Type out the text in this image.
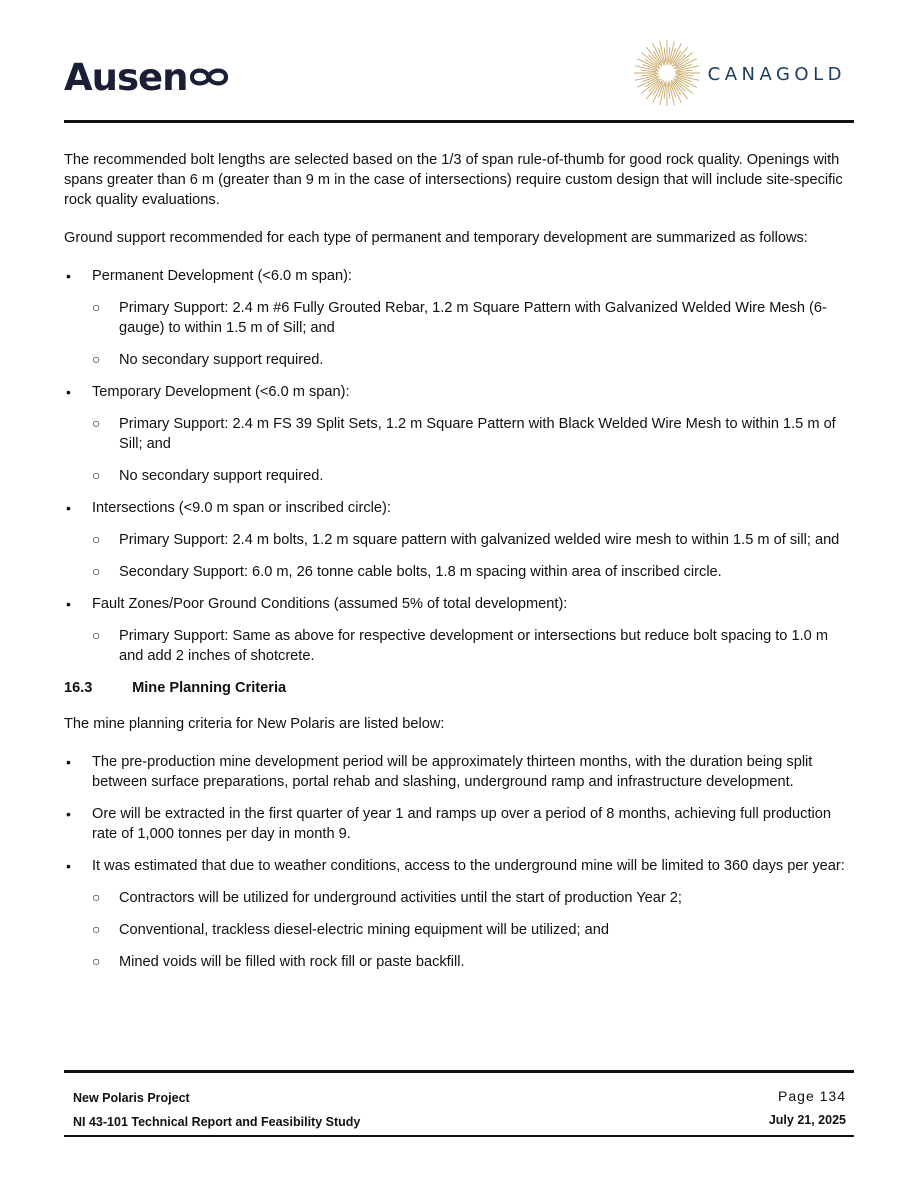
Ausen	CANAGOLD

The recommended bolt lengths are selected based on the 1/3 of span rule-of-thumb for good rock quality. Openings with spans greater than 6 m (greater than 9 m in the case of intersections) require custom design that will include site-specific rock quality evaluations.

Ground support recommended for each type of permanent and temporary development are summarized as follows:

• Permanent Development (<6.0 m span):
○ Primary Support: 2.4 m #6 Fully Grouted Rebar, 1.2 m Square Pattern with Galvanized Welded Wire Mesh (6-gauge) to within 1.5 m of Sill; and
○ No secondary support required.
• Temporary Development (<6.0 m span):
○ Primary Support: 2.4 m FS 39 Split Sets, 1.2 m Square Pattern with Black Welded Wire Mesh to within 1.5 m of Sill; and
○ No secondary support required.
• Intersections (<9.0 m span or inscribed circle):
○ Primary Support: 2.4 m bolts, 1.2 m square pattern with galvanized welded wire mesh to within 1.5 m of sill; and
○ Secondary Support: 6.0 m, 26 tonne cable bolts, 1.8 m spacing within area of inscribed circle.
• Fault Zones/Poor Ground Conditions (assumed 5% of total development):
○ Primary Support: Same as above for respective development or intersections but reduce bolt spacing to 1.0 m and add 2 inches of shotcrete.
16.3	Mine Planning Criteria

The mine planning criteria for New Polaris are listed below:

• The pre-production mine development period will be approximately thirteen months, with the duration being split between surface preparations, portal rehab and slashing, underground ramp and infrastructure development.
• Ore will be extracted in the first quarter of year 1 and ramps up over a period of 8 months, achieving full production rate of 1,000 tonnes per day in month 9.
• It was estimated that due to weather conditions, access to the underground mine will be limited to 360 days per year:
○ Contractors will be utilized for underground activities until the start of production Year 2;
○ Conventional, trackless diesel-electric mining equipment will be utilized; and
○ Mined voids will be filled with rock fill or paste backfill.
New Polaris Project
NI 43-101 Technical Report and Feasibility Study
Page 134
July 21, 2025
